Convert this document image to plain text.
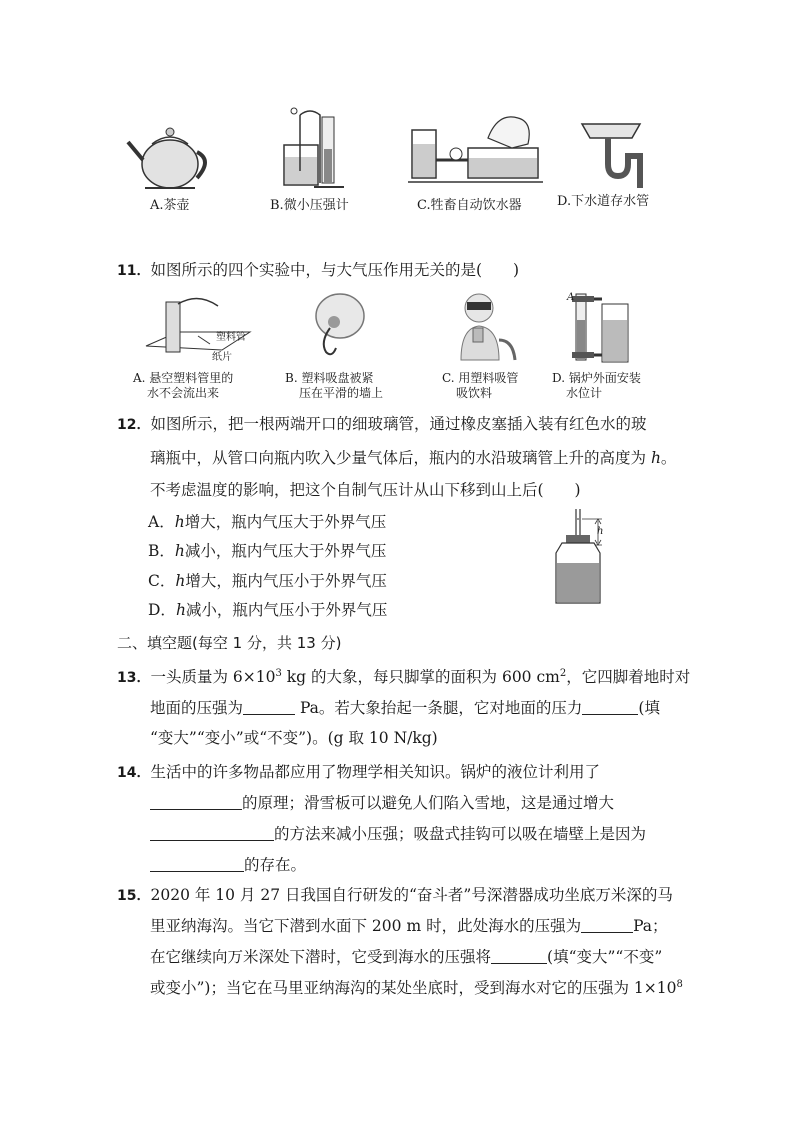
A.茶壶	B.微小压强计	C.牲畜自动饮水器	D.下水道存水管
11．如图所示的四个实验中，与大气压作用无关的是(　　)
塑料管
纸片
A
A. 悬空塑料管里的
水不会流出来
B. 塑料吸盘被紧
压在平滑的墙上
C. 用塑料吸管
吸饮料
D. 锅炉外面安装
水位计
12．如图所示，把一根两端开口的细玻璃管，通过橡皮塞插入装有红色水的玻
璃瓶中，从管口向瓶内吹入少量气体后，瓶内的水沿玻璃管上升的高度为 h。
不考虑温度的影响，把这个自制气压计从山下移到山上后(　　)
A．h增大，瓶内气压大于外界气压
B．h减小，瓶内气压大于外界气压
C．h增大，瓶内气压小于外界气压
D．h减小，瓶内气压小于外界气压
h
二、填空题(每空 1 分，共 13 分)
13．一头质量为 $6\times 10^3$ kg 的大象，每只脚掌的面积为 600 $cm^2$，它四脚着地时对
地面的压强为	Pa。若大象抬起一条腿，它对地面的压力	(填
“变大”“变小”或“不变”)。(g 取 10 N/kg)
14．生活中的许多物品都应用了物理学相关知识。锅炉的液位计利用了
的原理；滑雪板可以避免人们陷入雪地，这是通过增大
的方法来减小压强；吸盘式挂钩可以吸在墙壁上是因为
的存在。
15．2020 年 10 月 27 日我国自行研发的“奋斗者”号深潜器成功坐底万米深的马
里亚纳海沟。当它下潜到水面下 200 m 时，此处海水的压强为	Pa；
在它继续向万米深处下潜时，它受到海水的压强将	(填“变大”“不变”
或变小”)；当它在马里亚纳海沟的某处坐底时，受到海水对它的压强为 $1\times 10^8$
